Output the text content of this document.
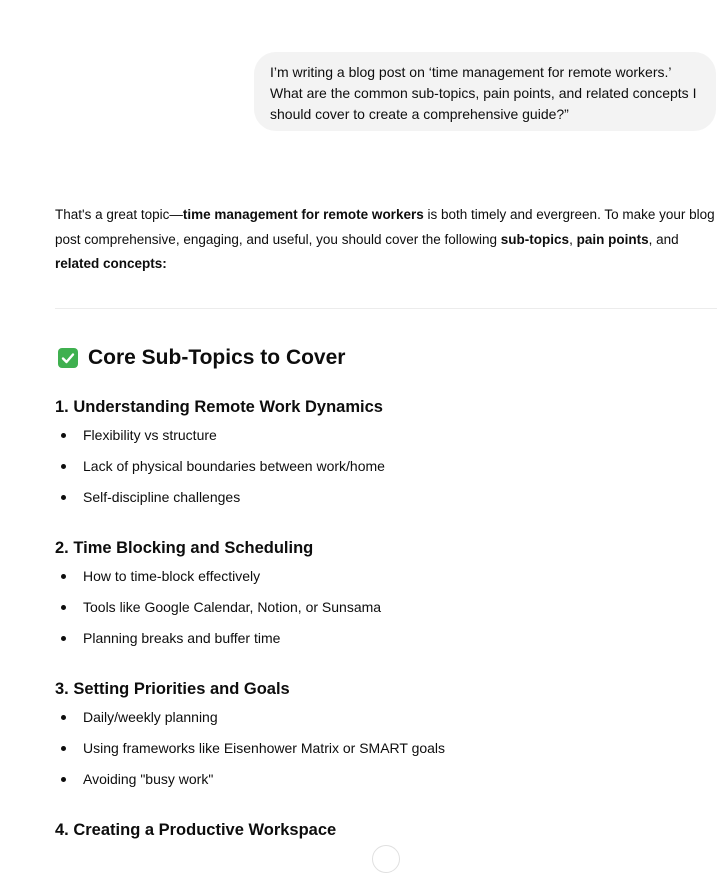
I’m writing a blog post on ‘time management for remote workers.’ What are the common sub-topics, pain points, and related concepts I should cover to create a comprehensive guide?”

That's a great topic—time management for remote workers is both timely and evergreen. To make your blog post comprehensive, engaging, and useful, you should cover the following sub-topics, pain points, and related concepts:

Core Sub-Topics to Cover
1. Understanding Remote Work Dynamics
Flexibility vs structure
Lack of physical boundaries between work/home
Self-discipline challenges
2. Time Blocking and Scheduling
How to time-block effectively
Tools like Google Calendar, Notion, or Sunsama
Planning breaks and buffer time
3. Setting Priorities and Goals
Daily/weekly planning
Using frameworks like Eisenhower Matrix or SMART goals
Avoiding "busy work"
4. Creating a Productive Workspace
